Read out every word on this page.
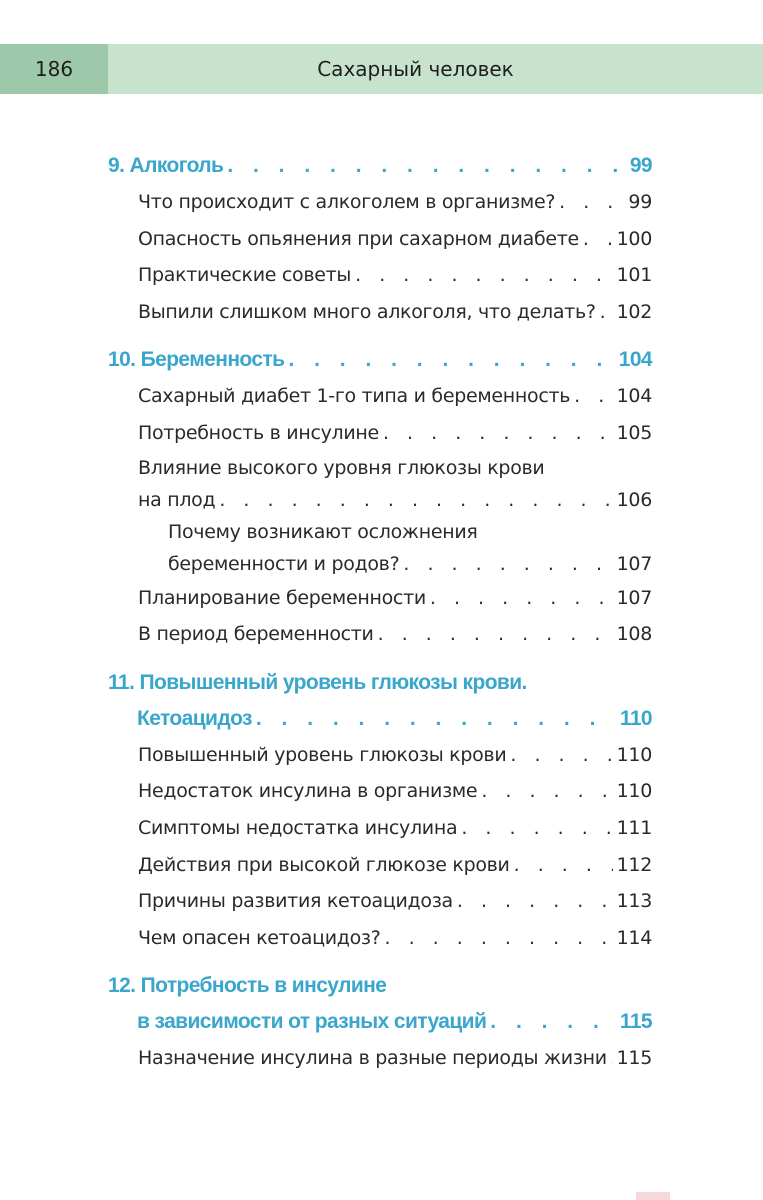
186	Сахарный человек
9. Алкоголь . . .	99
Что происходит с алкоголем в организме? . . .	99
Опасность опьянения при сахарном диабете . . . 100
Практические советы . . .	101
Выпили слишком много алкоголя, что делать? . . . 102
10. Беременность . . .	104
Сахарный диабет 1-го типа и беременность . . . 104
Потребность в инсулине . . .	105
Влияние высокого уровня глюкозы крови
на плод . . .	106
Почему возникают осложнения
беременности и родов? . . .	107
Планирование беременности . . .	107
В период беременности . . .	108
11. Повышенный уровень глюкозы крови.
Кетоацидоз . . .	110
Повышенный уровень глюкозы крови . . .	110
Недостаток инсулина в организме . . .	110
Симптомы недостатка инсулина . . .	111
Действия при высокой глюкозе крови . . .	112
Причины развития кетоацидоза . . .	113
Чем опасен кетоацидоз? . . .	114
12. Потребность в инсулине
в зависимости от разных ситуаций . . .	115
Назначение инсулина в разные периоды жизни . . . 115
